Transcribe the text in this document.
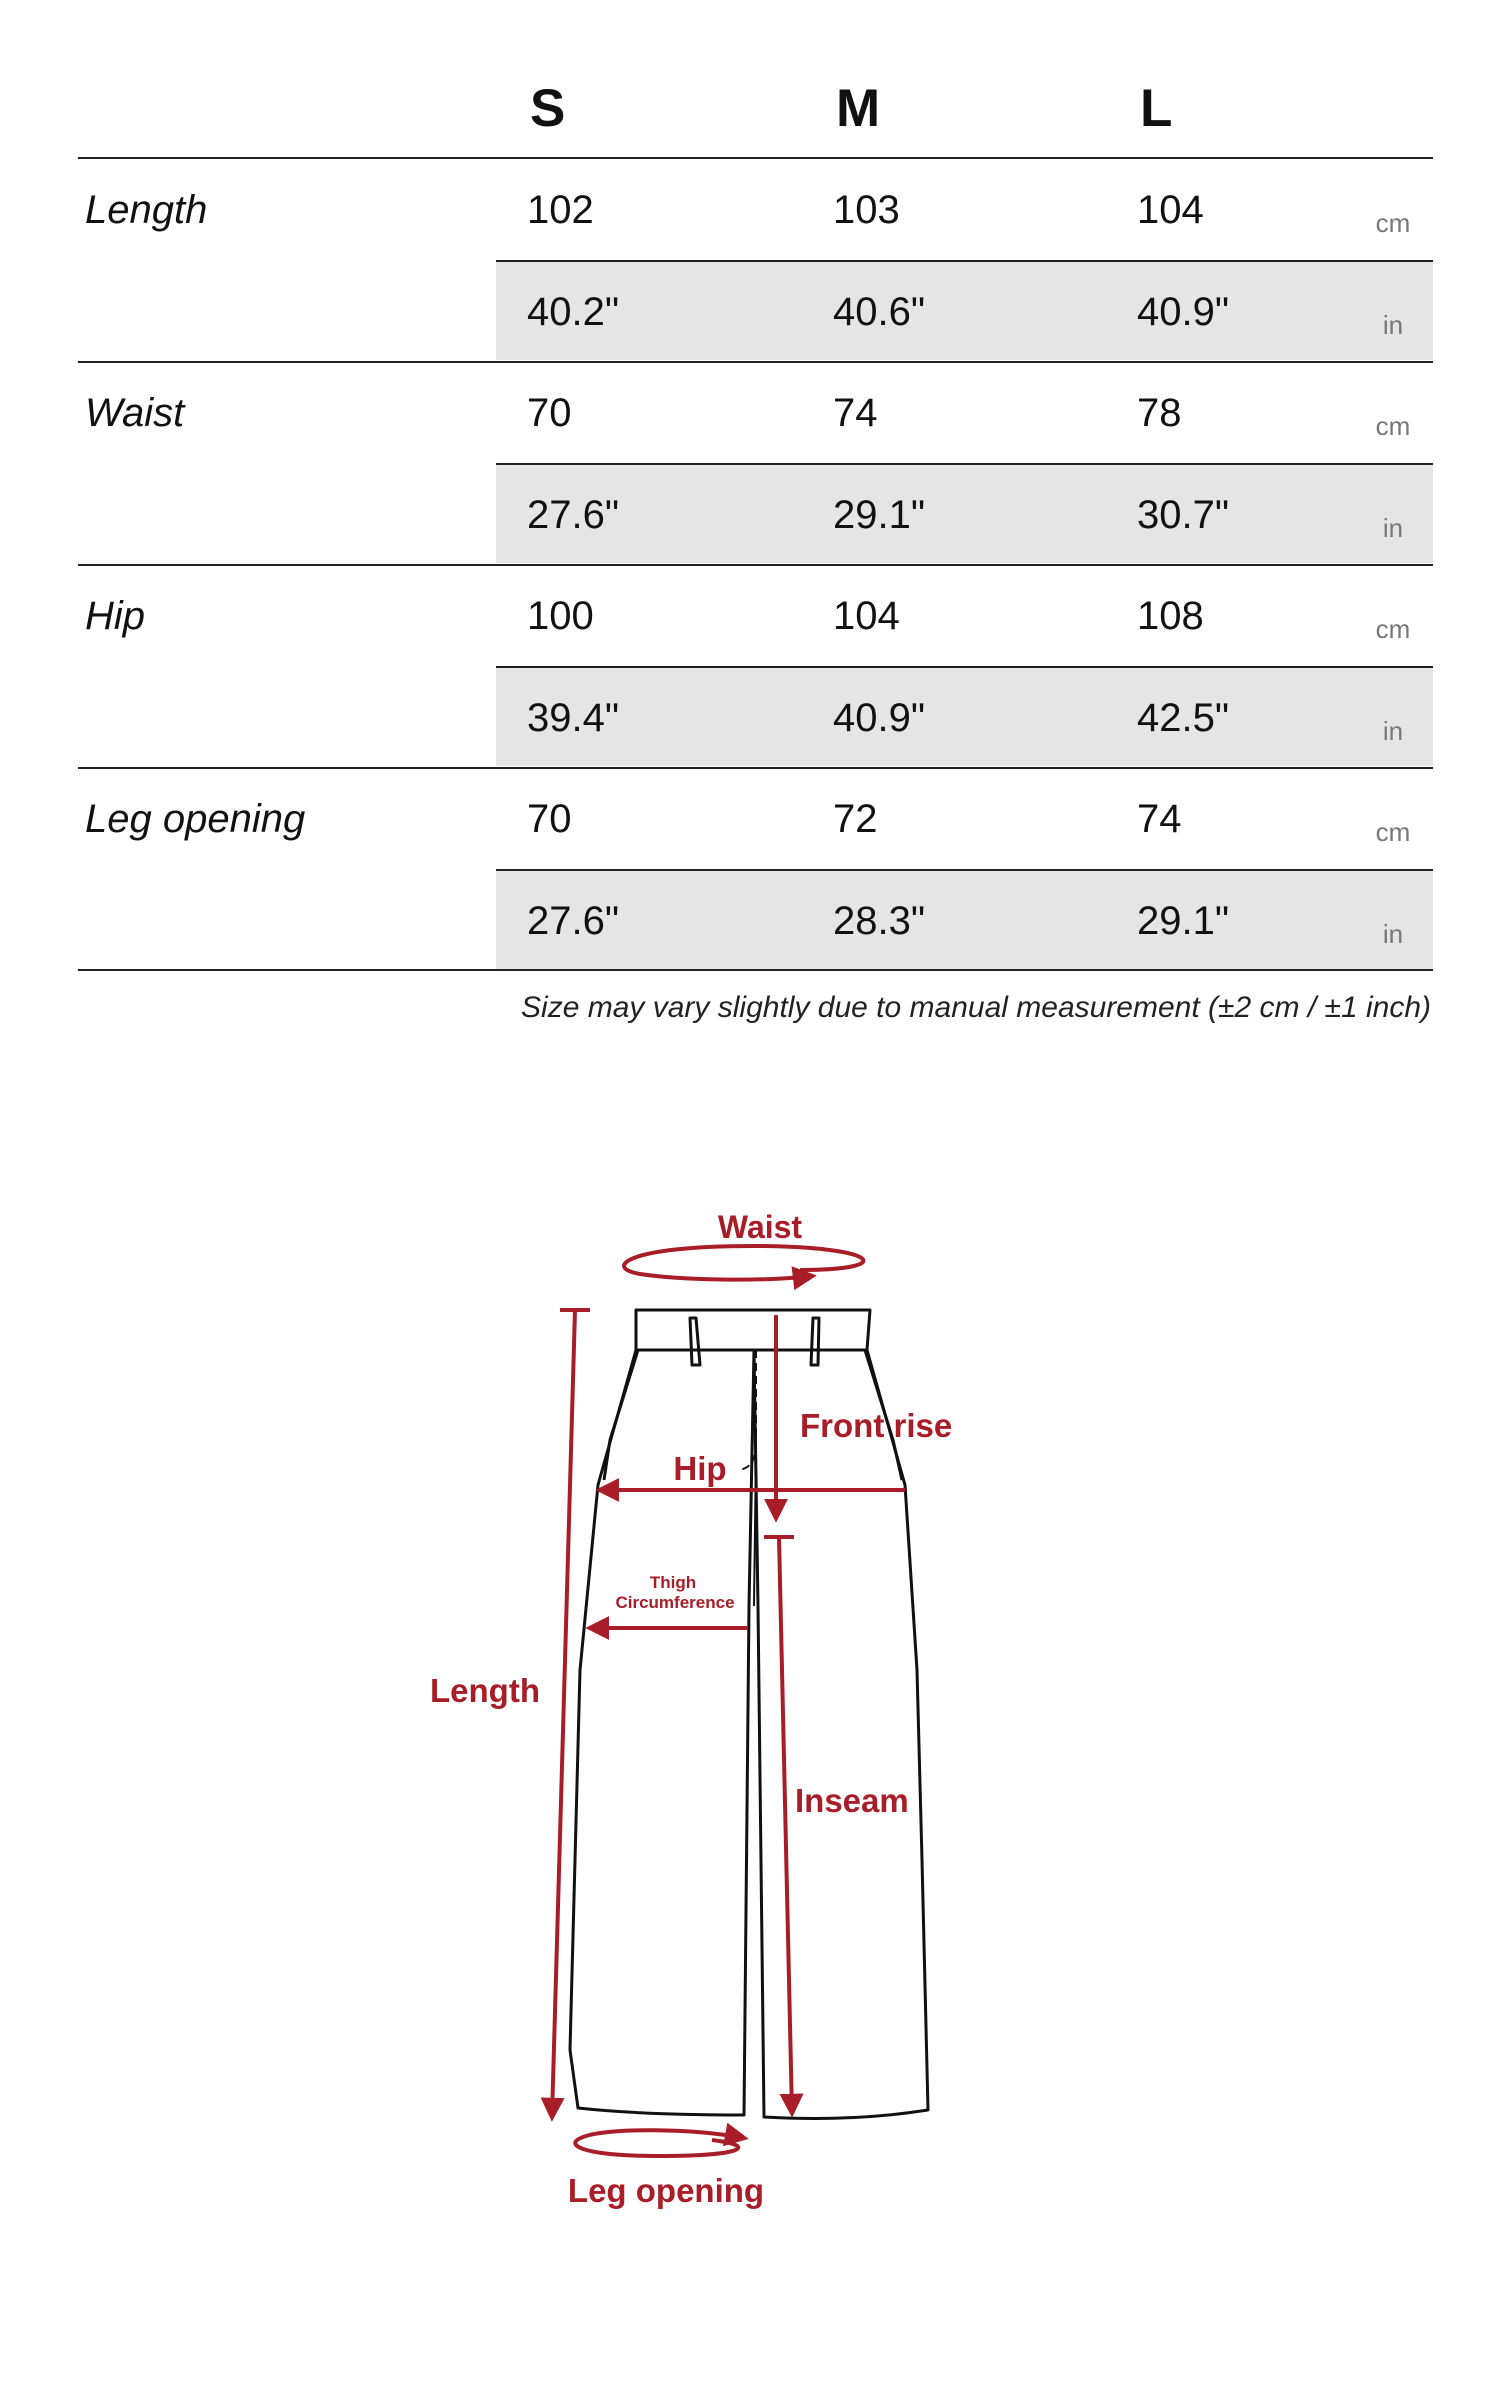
S	M	L
Length	102	103	104	cm
40.2"	40.6"	40.9"	in
Waist	70	74	78	cm
27.6"	29.1"	30.7"	in
Hip	100	104	108	cm
39.4"	40.9"	42.5"	in
Leg opening	70	72	74	cm
27.6"	28.3"	29.1"	in
Size may vary slightly due to manual measurement (±2 cm / ±1 inch)
Waist
Front rise
Hip
Thigh
Circumference
Length
Inseam
Leg opening
